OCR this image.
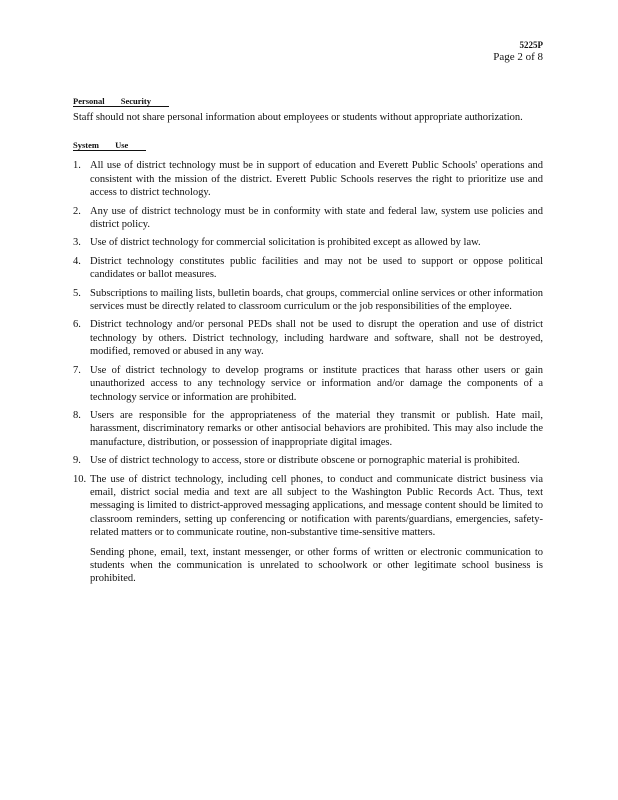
5225P
Page 2 of 8
Personal Security

Staff should not share personal information about employees or students without appropriate authorization.

System Use
1. All use of district technology must be in support of education and Everett Public Schools' operations and consistent with the mission of the district. Everett Public Schools reserves the right to prioritize use and access to district technology.
2. Any use of district technology must be in conformity with state and federal law, system use policies and district policy.
3. Use of district technology for commercial solicitation is prohibited except as allowed by law.
4. District technology constitutes public facilities and may not be used to support or oppose political candidates or ballot measures.
5. Subscriptions to mailing lists, bulletin boards, chat groups, commercial online services or other information services must be directly related to classroom curriculum or the job responsibilities of the employee.
6. District technology and/or personal PEDs shall not be used to disrupt the operation and use of district technology by others. District technology, including hardware and software, shall not be destroyed, modified, removed or abused in any way.
7. Use of district technology to develop programs or institute practices that harass other users or gain unauthorized access to any technology service or information and/or damage the components of a technology service or information are prohibited.
8. Users are responsible for the appropriateness of the material they transmit or publish. Hate mail, harassment, discriminatory remarks or other antisocial behaviors are prohibited. This may also include the manufacture, distribution, or possession of inappropriate digital images.
9. Use of district technology to access, store or distribute obscene or pornographic material is prohibited.
10. The use of district technology, including cell phones, to conduct and communicate district business via email, district social media and text are all subject to the Washington Public Records Act. Thus, text messaging is limited to district-approved messaging applications, and message content should be limited to classroom reminders, setting up conferencing or notification with parents/guardians, emergencies, safety-related matters or to communicate routine, non-substantive time-sensitive matters.

Sending phone, email, text, instant messenger, or other forms of written or electronic communication to students when the communication is unrelated to schoolwork or other legitimate school business is prohibited.
